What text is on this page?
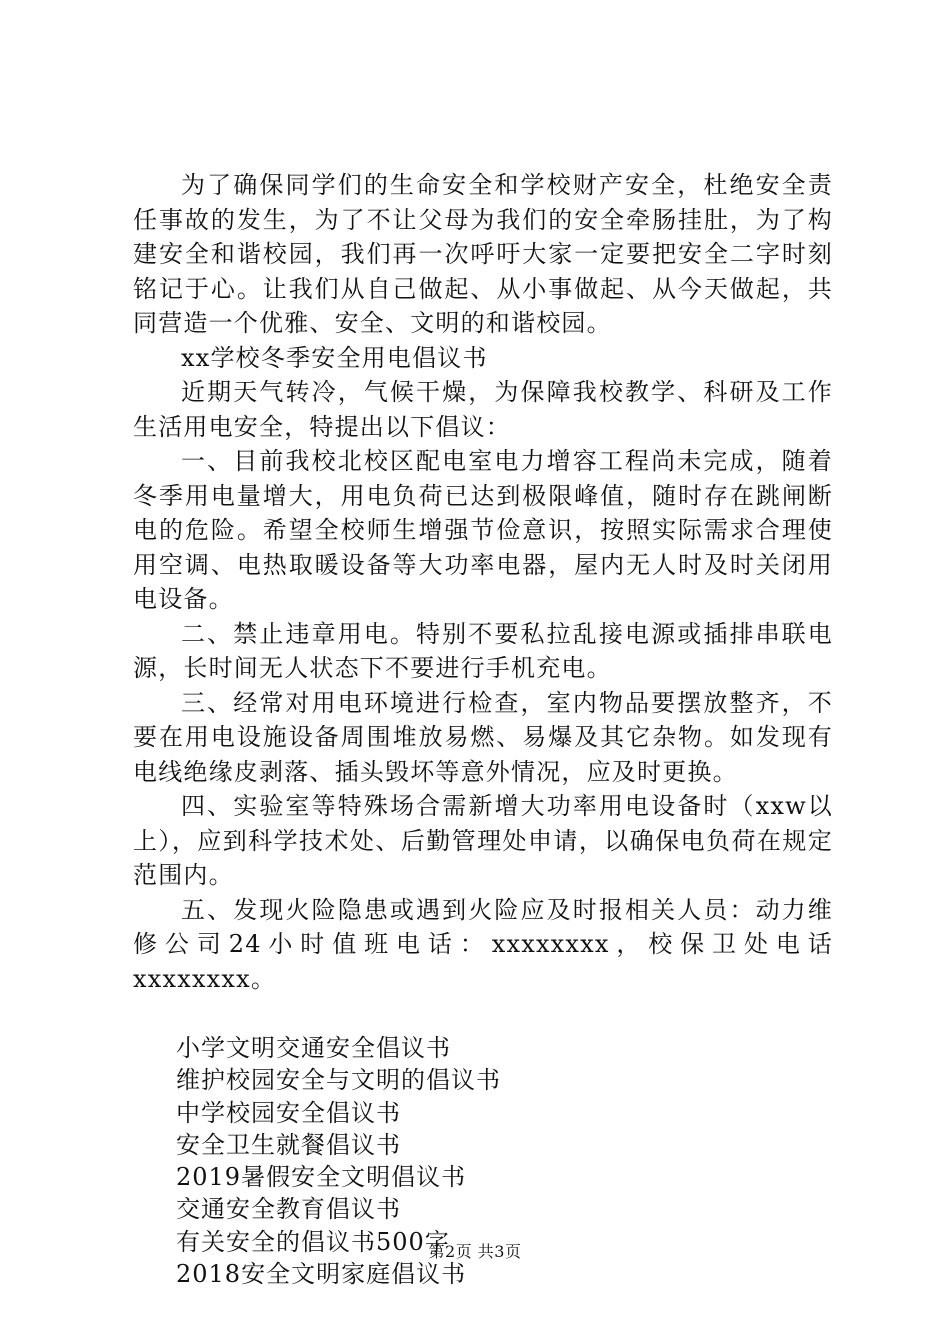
为了确保同学们的生命安全和学校财产安全，杜绝安全责任事故的发生，为了不让父母为我们的安全牵肠挂肚，为了构建安全和谐校园，我们再一次呼吁大家一定要把安全二字时刻铭记于心。让我们从自己做起、从小事做起、从今天做起，共同营造一个优雅、安全、文明的和谐校园。

xx学校冬季安全用电倡议书

近期天气转冷，气候干燥，为保障我校教学、科研及工作生活用电安全，特提出以下倡议：

一、目前我校北校区配电室电力增容工程尚未完成，随着冬季用电量增大，用电负荷已达到极限峰值，随时存在跳闸断电的危险。希望全校师生增强节俭意识，按照实际需求合理使用空调、电热取暖设备等大功率电器，屋内无人时及时关闭用电设备。

二、禁止违章用电。特别不要私拉乱接电源或插排串联电源，长时间无人状态下不要进行手机充电。

三、经常对用电环境进行检查，室内物品要摆放整齐，不要在用电设施设备周围堆放易燃、易爆及其它杂物。如发现有电线绝缘皮剥落、插头毁坏等意外情况，应及时更换。

四、实验室等特殊场合需新增大功率用电设备时（xxw以上），应到科学技术处、后勤管理处申请，以确保电负荷在规定范围内。

五、发现火险隐患或遇到火险应及时报相关人员：动力维修公司24小时值班电话：xxxxxxxx，校保卫处电话xxxxxxxx。

小学文明交通安全倡议书
维护校园安全与文明的倡议书
中学校园安全倡议书
安全卫生就餐倡议书
2019暑假安全文明倡议书
交通安全教育倡议书
有关安全的倡议书500字
2018安全文明家庭倡议书
第2页 共3页
